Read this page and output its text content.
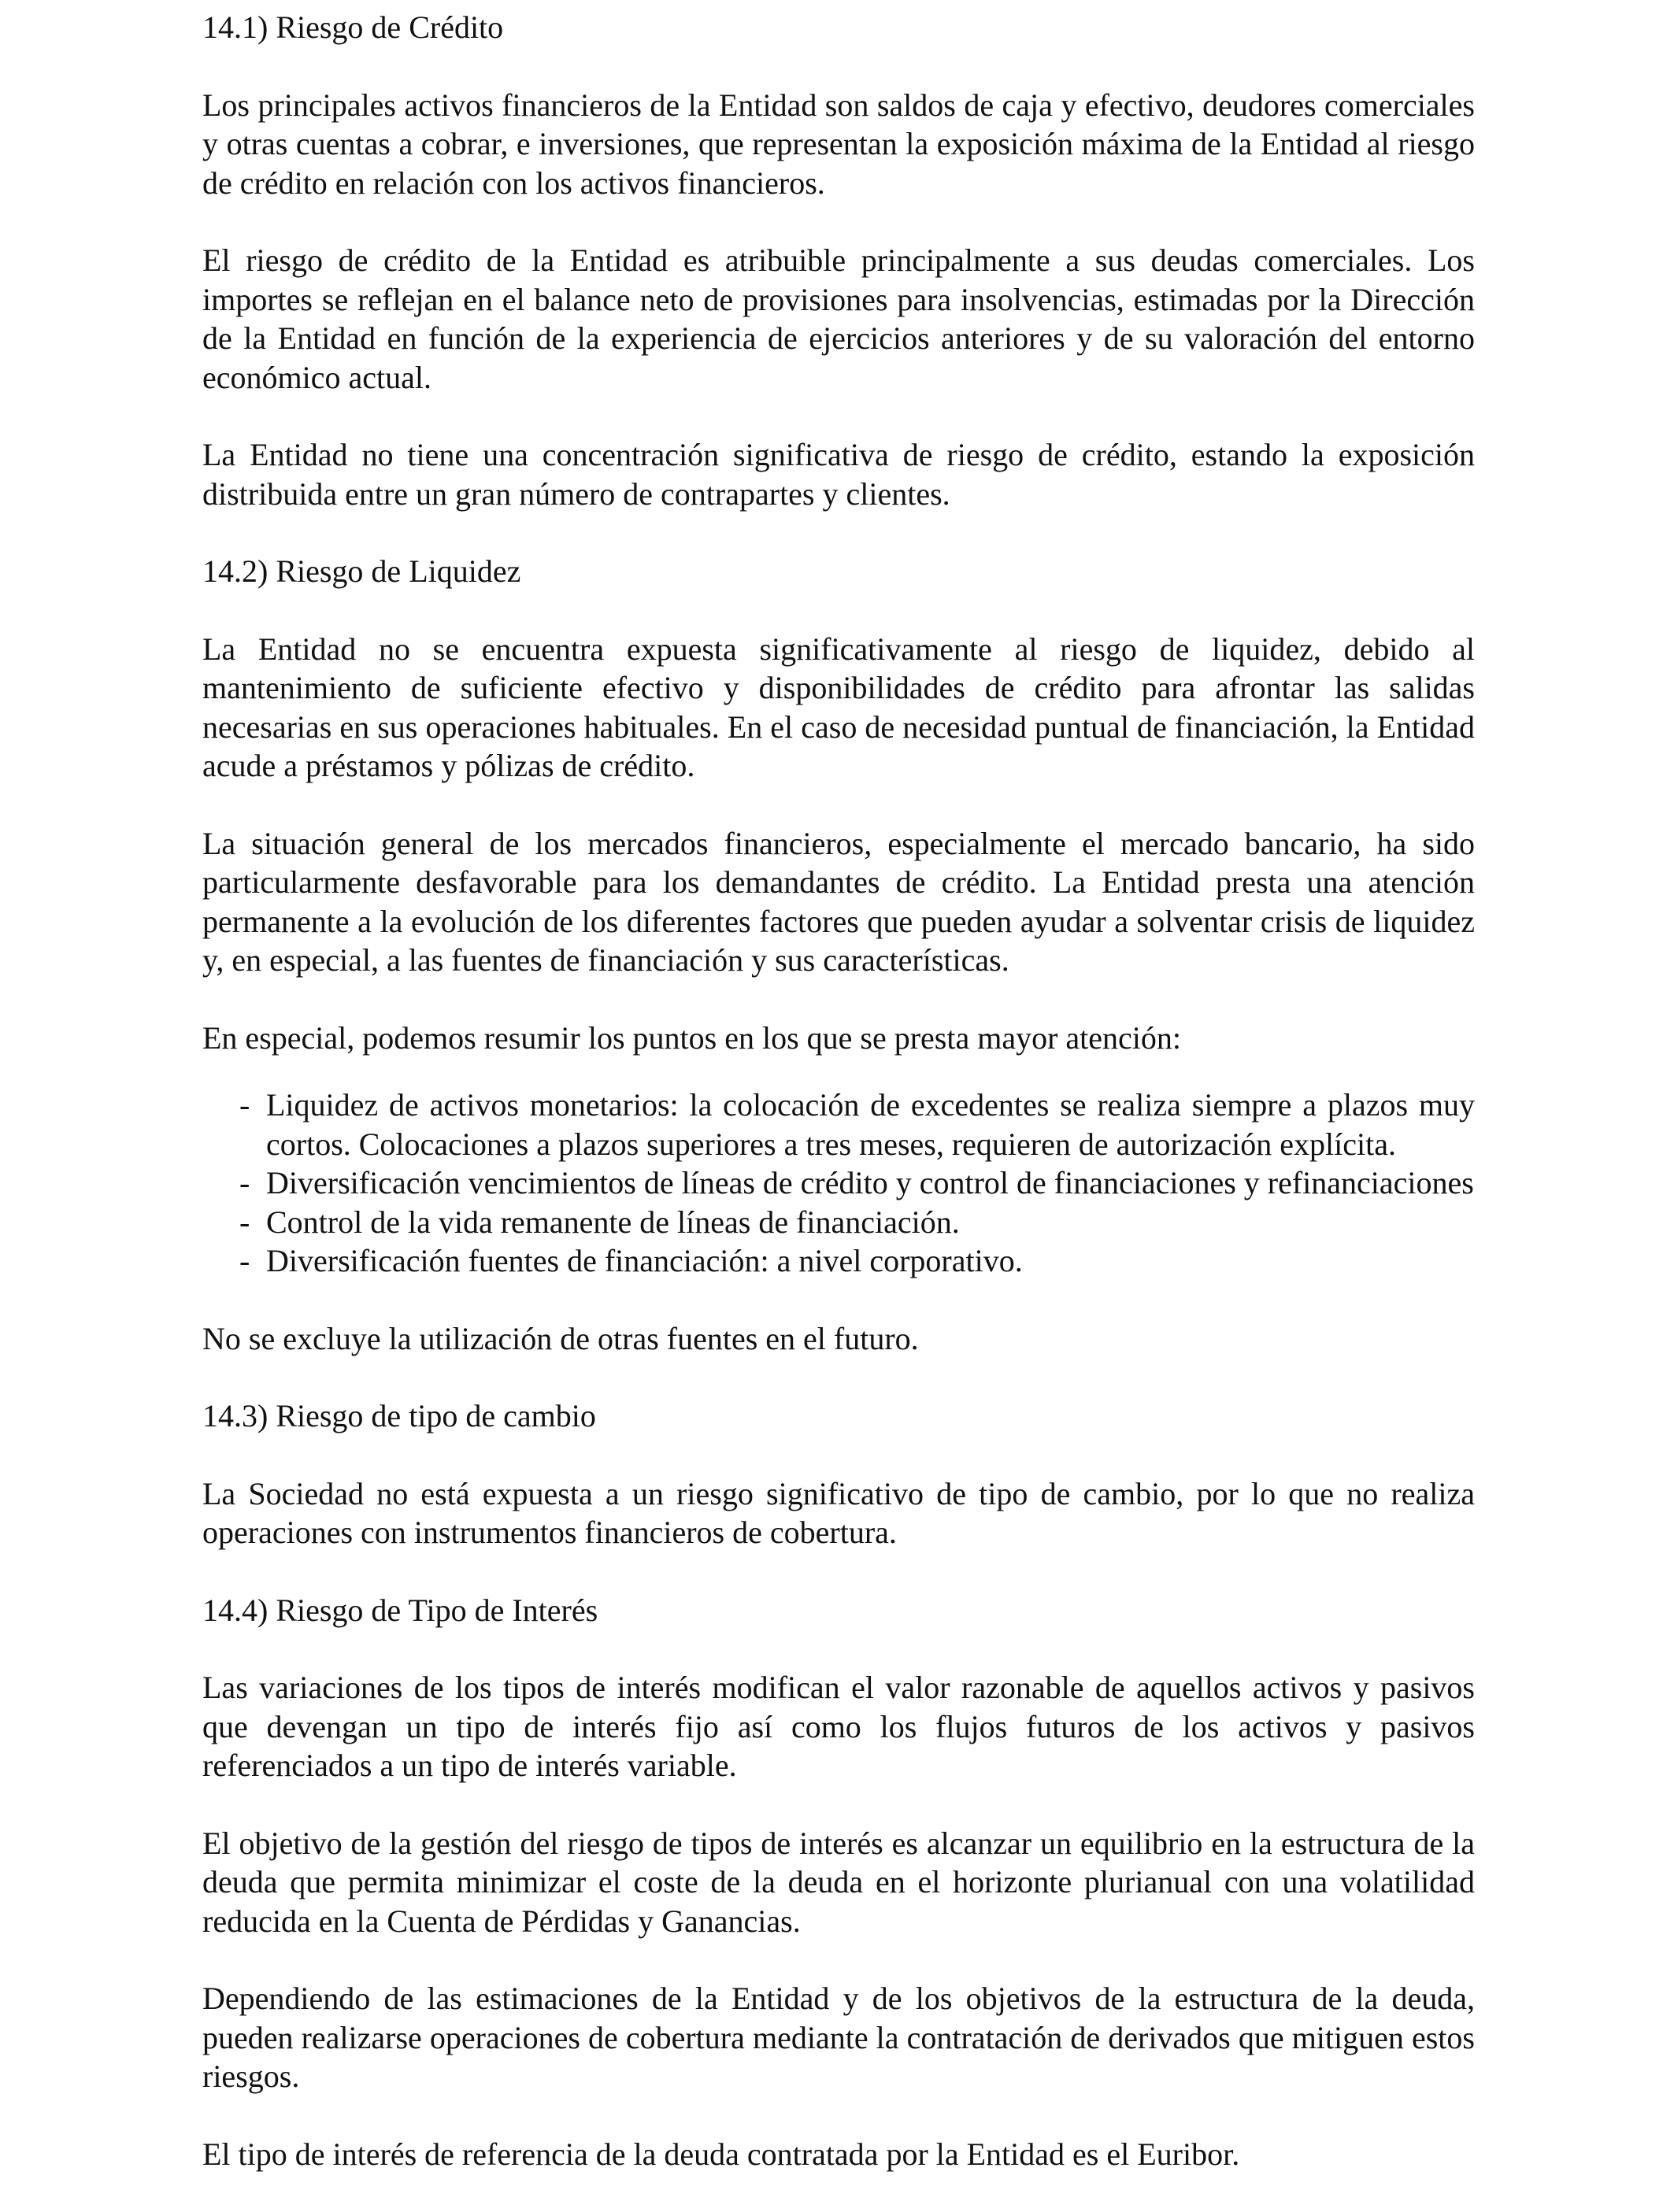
14.1) Riesgo de Crédito

Los principales activos financieros de la Entidad son saldos de caja y efectivo, deudores comerciales y otras cuentas a cobrar, e inversiones, que representan la exposición máxima de la Entidad al riesgo de crédito en relación con los activos financieros.

El riesgo de crédito de la Entidad es atribuible principalmente a sus deudas comerciales. Los importes se reflejan en el balance neto de provisiones para insolvencias, estimadas por la Dirección de la Entidad en función de la experiencia de ejercicios anteriores y de su valoración del entorno económico actual.

La Entidad no tiene una concentración significativa de riesgo de crédito, estando la exposición distribuida entre un gran número de contrapartes y clientes.

14.2) Riesgo de Liquidez

La Entidad no se encuentra expuesta significativamente al riesgo de liquidez, debido al mantenimiento de suficiente efectivo y disponibilidades de crédito para afrontar las salidas necesarias en sus operaciones habituales. En el caso de necesidad puntual de financiación, la Entidad acude a préstamos y pólizas de crédito.

La situación general de los mercados financieros, especialmente el mercado bancario, ha sido particularmente desfavorable para los demandantes de crédito. La Entidad presta una atención permanente a la evolución de los diferentes factores que pueden ayudar a solventar crisis de liquidez y, en especial, a las fuentes de financiación y sus características.

En especial, podemos resumir los puntos en los que se presta mayor atención:

- Liquidez de activos monetarios: la colocación de excedentes se realiza siempre a plazos muy cortos. Colocaciones a plazos superiores a tres meses, requieren de autorización explícita.
- Diversificación vencimientos de líneas de crédito y control de financiaciones y refinanciaciones
- Control de la vida remanente de líneas de financiación.
- Diversificación fuentes de financiación: a nivel corporativo.

No se excluye la utilización de otras fuentes en el futuro.

14.3) Riesgo de tipo de cambio

La Sociedad no está expuesta a un riesgo significativo de tipo de cambio, por lo que no realiza operaciones con instrumentos financieros de cobertura.

14.4) Riesgo de Tipo de Interés

Las variaciones de los tipos de interés modifican el valor razonable de aquellos activos y pasivos que devengan un tipo de interés fijo así como los flujos futuros de los activos y pasivos referenciados a un tipo de interés variable.

El objetivo de la gestión del riesgo de tipos de interés es alcanzar un equilibrio en la estructura de la deuda que permita minimizar el coste de la deuda en el horizonte plurianual con una volatilidad reducida en la Cuenta de Pérdidas y Ganancias.

Dependiendo de las estimaciones de la Entidad y de los objetivos de la estructura de la deuda, pueden realizarse operaciones de cobertura mediante la contratación de derivados que mitiguen estos riesgos.

El tipo de interés de referencia de la deuda contratada por la Entidad es el Euribor.
